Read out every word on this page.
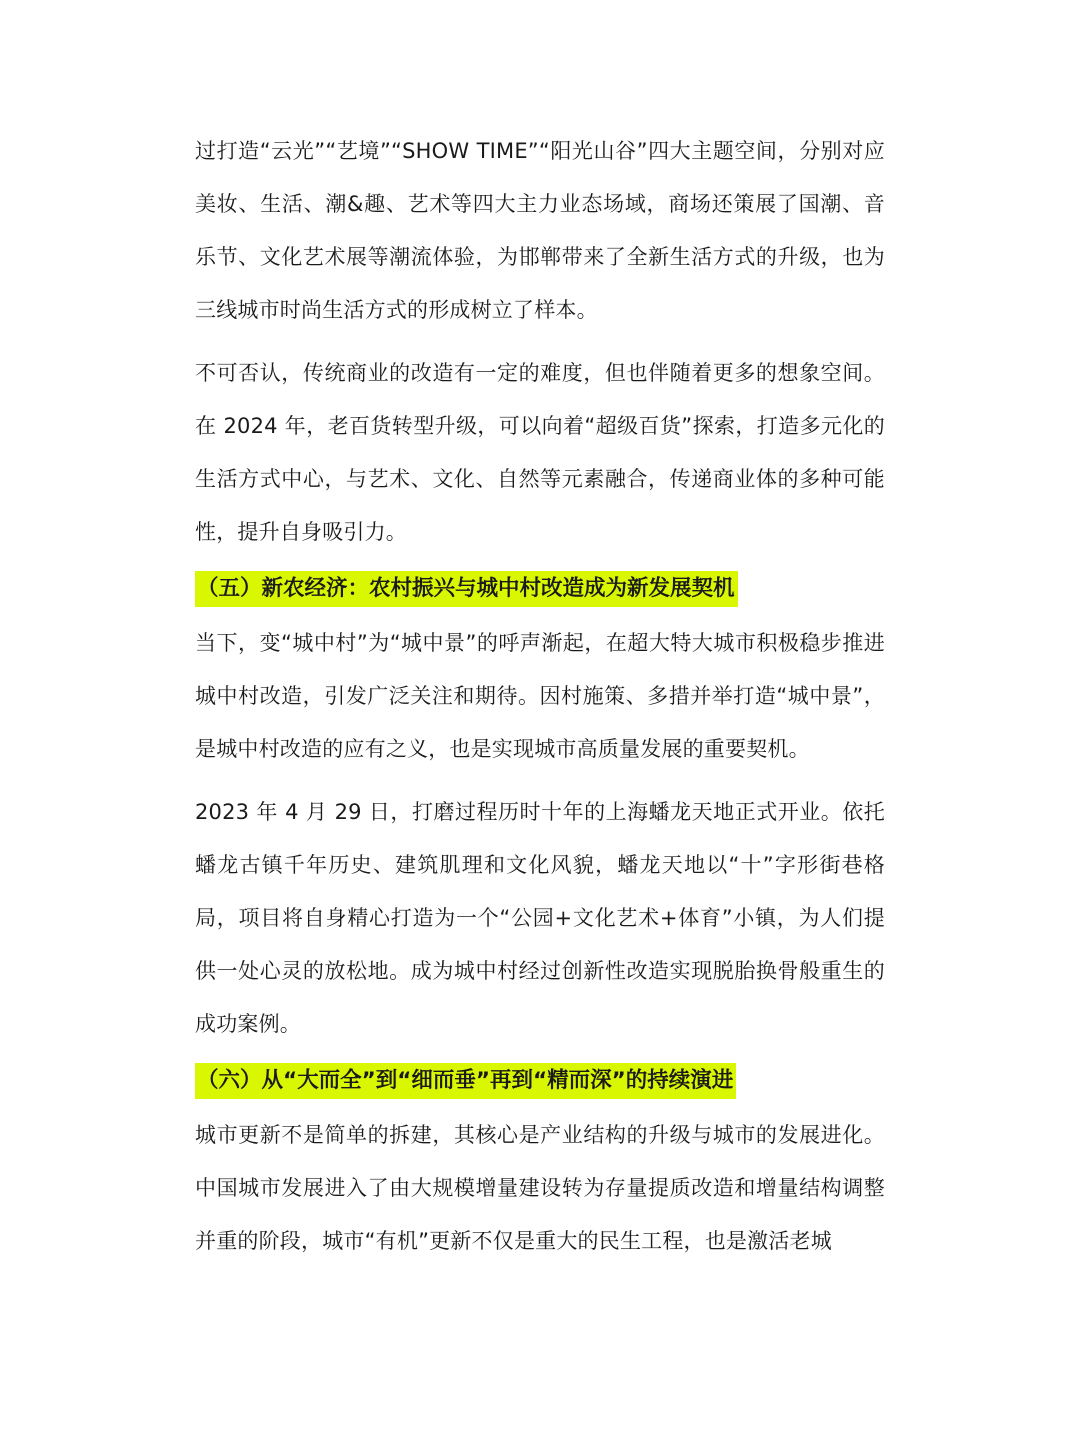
过打造“云光”“艺境”“SHOW TIME”“阳光山谷”四大主题空间，分别对应美妆、生活、潮&趣、艺术等四大主力业态场域，商场还策展了国潮、音乐节、文化艺术展等潮流体验，为邯郸带来了全新生活方式的升级，也为三线城市时尚生活方式的形成树立了样本。

不可否认，传统商业的改造有一定的难度，但也伴随着更多的想象空间。在 2024 年，老百货转型升级，可以向着“超级百货”探索，打造多元化的生活方式中心，与艺术、文化、自然等元素融合，传递商业体的多种可能性，提升自身吸引力。

（五）新农经济：农村振兴与城中村改造成为新发展契机

当下，变“城中村”为“城中景”的呼声渐起，在超大特大城市积极稳步推进城中村改造，引发广泛关注和期待。因村施策、多措并举打造“城中景”，是城中村改造的应有之义，也是实现城市高质量发展的重要契机。

2023 年 4 月 29 日，打磨过程历时十年的上海蟠龙天地正式开业。依托蟠龙古镇千年历史、建筑肌理和文化风貌，蟠龙天地以“十”字形街巷格局，项目将自身精心打造为一个“公园+文化艺术+体育”小镇，为人们提供一处心灵的放松地。成为城中村经过创新性改造实现脱胎换骨般重生的成功案例。

（六）从“大而全”到“细而垂”再到“精而深”的持续演进

城市更新不是简单的拆建，其核心是产业结构的升级与城市的发展进化。中国城市发展进入了由大规模增量建设转为存量提质改造和增量结构调整并重的阶段，城市“有机”更新不仅是重大的民生工程，也是激活老城
